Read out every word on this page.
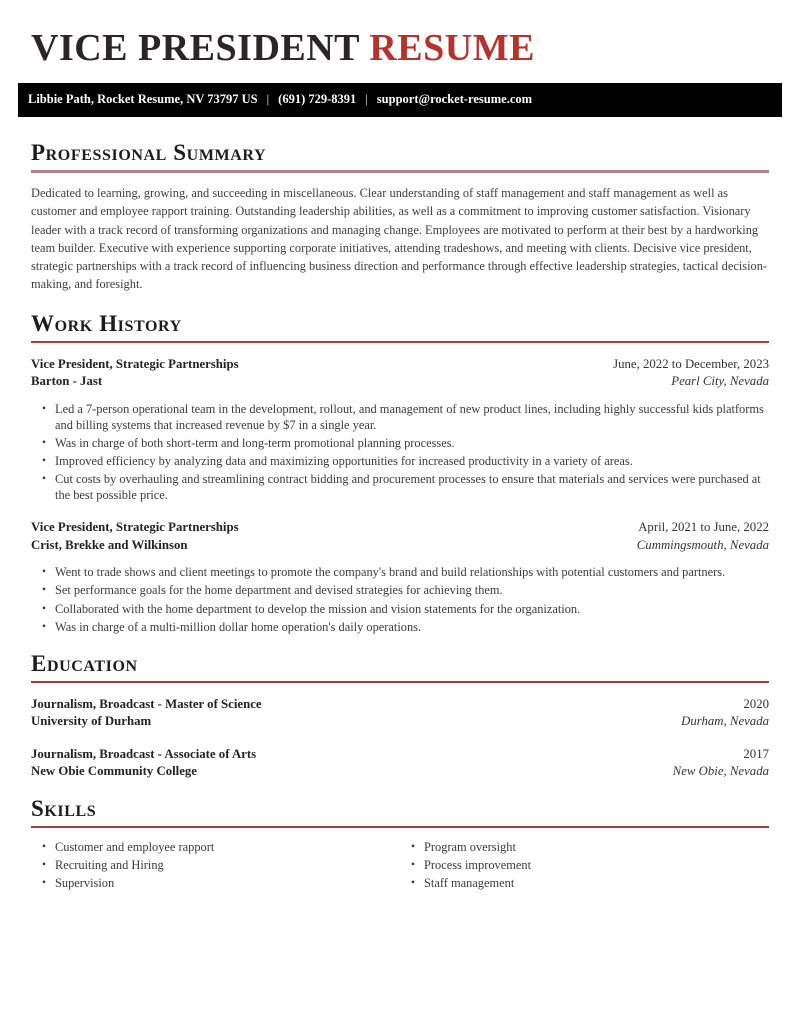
VICE PRESIDENT RESUME
Libbie Path, Rocket Resume, NV 73797 US | (691) 729-8391 | support@rocket-resume.com
Professional Summary

Dedicated to learning, growing, and succeeding in miscellaneous. Clear understanding of staff management and staff management as well as customer and employee rapport training. Outstanding leadership abilities, as well as a commitment to improving customer satisfaction. Visionary leader with a track record of transforming organizations and managing change. Employees are motivated to perform at their best by a hardworking team builder. Executive with experience supporting corporate initiatives, attending tradeshows, and meeting with clients. Decisive vice president, strategic partnerships with a track record of influencing business direction and performance through effective leadership strategies, tactical decision-making, and foresight.

Work History
Vice President, Strategic Partnerships	June, 2022 to December, 2023
Barton - Jast	Pearl City, Nevada
• Led a 7-person operational team in the development, rollout, and management of new product lines, including highly successful kids platforms and billing systems that increased revenue by $7 in a single year.
• Was in charge of both short-term and long-term promotional planning processes.
• Improved efficiency by analyzing data and maximizing opportunities for increased productivity in a variety of areas.
• Cut costs by overhauling and streamlining contract bidding and procurement processes to ensure that materials and services were purchased at the best possible price.
Vice President, Strategic Partnerships	April, 2021 to June, 2022
Crist, Brekke and Wilkinson	Cummingsmouth, Nevada
• Went to trade shows and client meetings to promote the company's brand and build relationships with potential customers and partners.
• Set performance goals for the home department and devised strategies for achieving them.
• Collaborated with the home department to develop the mission and vision statements for the organization.
• Was in charge of a multi-million dollar home operation's daily operations.
Education
Journalism, Broadcast - Master of Science	2020
University of Durham	Durham, Nevada
Journalism, Broadcast - Associate of Arts	2017
New Obie Community College	New Obie, Nevada
Skills
• Customer and employee rapport
• Recruiting and Hiring
• Supervision
• Program oversight
• Process improvement
• Staff management
